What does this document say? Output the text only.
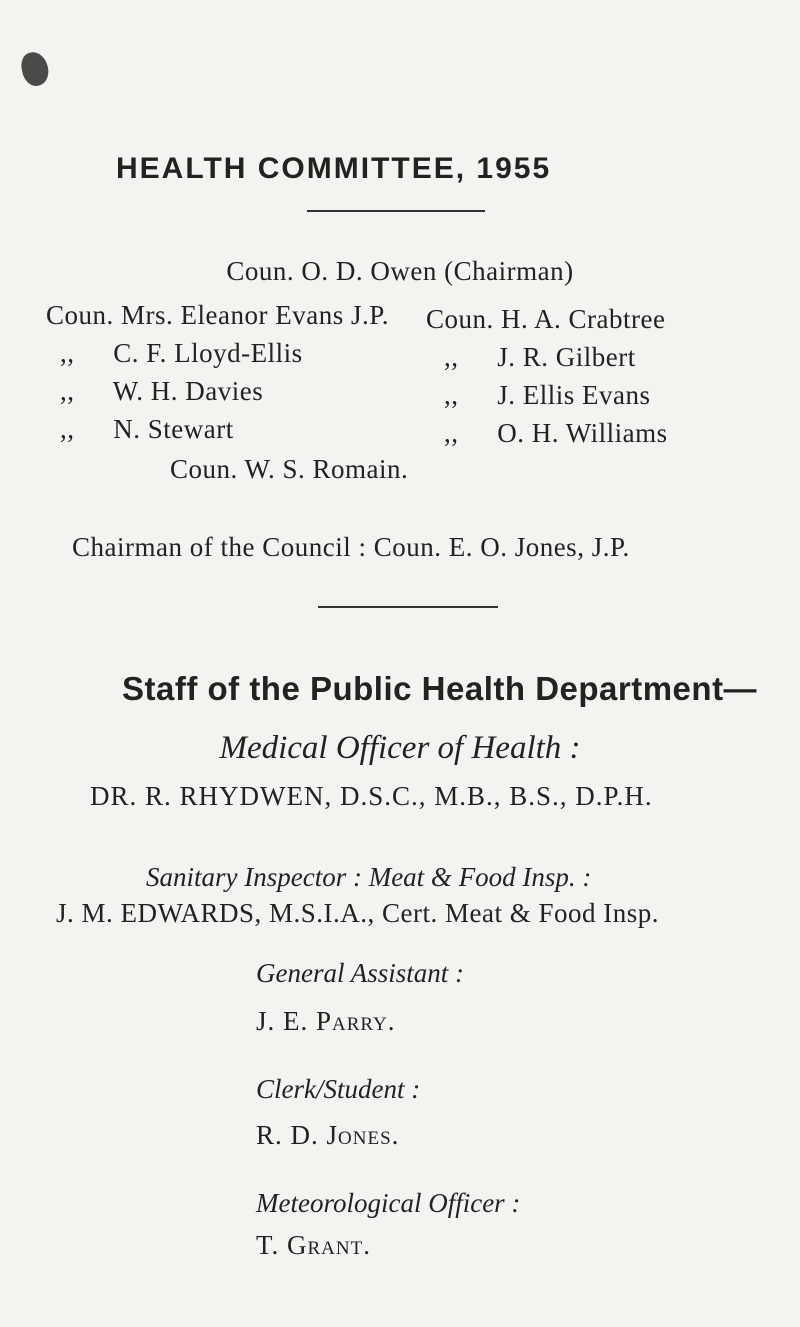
HEALTH COMMITTEE, 1955
Coun. O. D. Owen (Chairman)
Coun. Mrs. Eleanor Evans J.P.
,, C. F. Lloyd-Ellis
,, W. H. Davies
,, N. Stewart
Coun. H. A. Crabtree
,, J. R. Gilbert
,, J. Ellis Evans
,, O. H. Williams
Coun. W. S. Romain.
Chairman of the Council : Coun. E. O. Jones, J.P.
Staff of the Public Health Department—
Medical Officer of Health :
DR. R. RHYDWEN, D.S.C., M.B., B.S., D.P.H.
Sanitary Inspector : Meat & Food Insp. :
J. M. EDWARDS, M.S.I.A., Cert. Meat & Food Insp.
General Assistant :
J. E. Parry.
Clerk/Student :
R. D. Jones.
Meteorological Officer :
T. Grant.
